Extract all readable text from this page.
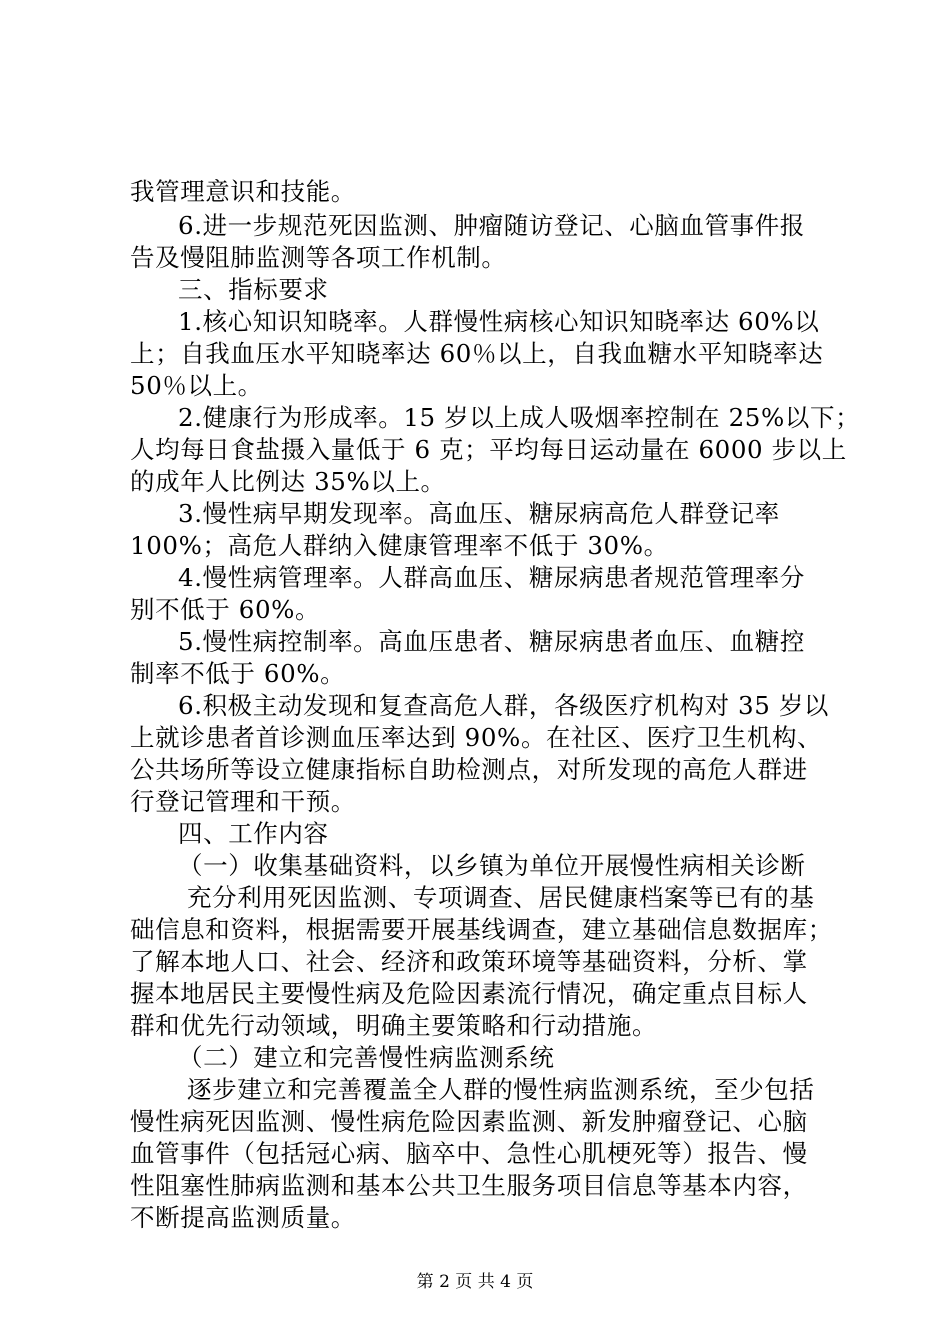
我管理意识和技能。
6.进一步规范死因监测、肿瘤随访登记、心脑血管事件报
告及慢阻肺监测等各项工作机制。
三、指标要求
1.核心知识知晓率。人群慢性病核心知识知晓率达 60%以
上；自我血压水平知晓率达 60％以上，自我血糖水平知晓率达
50％以上。
2.健康行为形成率。15 岁以上成人吸烟率控制在 25%以下；
人均每日食盐摄入量低于 6 克；平均每日运动量在 6000 步以上
的成年人比例达 35%以上。
3.慢性病早期发现率。高血压、糖尿病高危人群登记率
100%；高危人群纳入健康管理率不低于 30%。
4.慢性病管理率。人群高血压、糖尿病患者规范管理率分
别不低于 60%。
5.慢性病控制率。高血压患者、糖尿病患者血压、血糖控
制率不低于 60%。
6.积极主动发现和复查高危人群，各级医疗机构对 35 岁以
上就诊患者首诊测血压率达到 90%。在社区、医疗卫生机构、
公共场所等设立健康指标自助检测点，对所发现的高危人群进
行登记管理和干预。
四、工作内容
（一）收集基础资料，以乡镇为单位开展慢性病相关诊断
充分利用死因监测、专项调查、居民健康档案等已有的基
础信息和资料，根据需要开展基线调查，建立基础信息数据库；
了解本地人口、社会、经济和政策环境等基础资料，分析、掌
握本地居民主要慢性病及危险因素流行情况，确定重点目标人
群和优先行动领域，明确主要策略和行动措施。
（二）建立和完善慢性病监测系统
逐步建立和完善覆盖全人群的慢性病监测系统，至少包括
慢性病死因监测、慢性病危险因素监测、新发肿瘤登记、心脑
血管事件（包括冠心病、脑卒中、急性心肌梗死等）报告、慢
性阻塞性肺病监测和基本公共卫生服务项目信息等基本内容，
不断提高监测质量。
第 2 页 共 4 页
